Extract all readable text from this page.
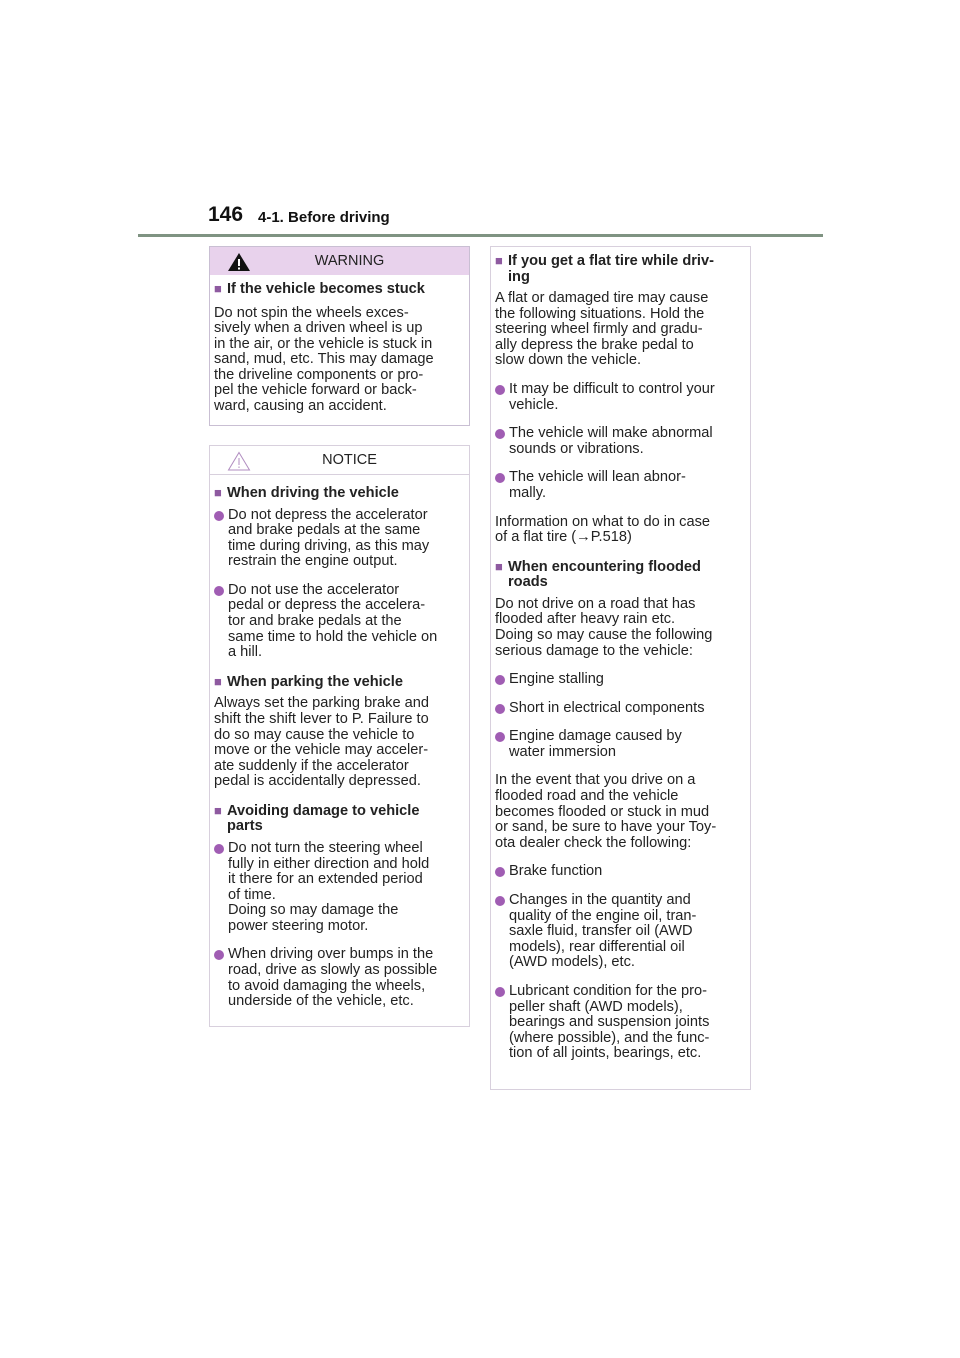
146 4-1. Before driving
WARNING
■ If the vehicle becomes stuck
Do not spin the wheels exces-
sively when a driven wheel is up
in the air, or the vehicle is stuck in
sand, mud, etc. This may damage
the driveline components or pro-
pel the vehicle forward or back-
ward, causing an accident.
NOTICE
■ When driving the vehicle
Do not depress the accelerator
and brake pedals at the same
time during driving, as this may
restrain the engine output.
Do not use the accelerator
pedal or depress the accelera-
tor and brake pedals at the
same time to hold the vehicle on
a hill.
■ When parking the vehicle
Always set the parking brake and
shift the shift lever to P. Failure to
do so may cause the vehicle to
move or the vehicle may acceler-
ate suddenly if the accelerator
pedal is accidentally depressed.
■ Avoiding damage to vehicle
parts
Do not turn the steering wheel
fully in either direction and hold
it there for an extended period
of time.
Doing so may damage the
power steering motor.
When driving over bumps in the
road, drive as slowly as possible
to avoid damaging the wheels,
underside of the vehicle, etc.
■ If you get a flat tire while driv-
ing
A flat or damaged tire may cause
the following situations. Hold the
steering wheel firmly and gradu-
ally depress the brake pedal to
slow down the vehicle.
It may be difficult to control your
vehicle.
The vehicle will make abnormal
sounds or vibrations.
The vehicle will lean abnor-
mally.
Information on what to do in case
of a flat tire (→P.518)
■ When encountering flooded
roads
Do not drive on a road that has
flooded after heavy rain etc.
Doing so may cause the following
serious damage to the vehicle:
Engine stalling
Short in electrical components
Engine damage caused by
water immersion
In the event that you drive on a
flooded road and the vehicle
becomes flooded or stuck in mud
or sand, be sure to have your Toy-
ota dealer check the following:
Brake function
Changes in the quantity and
quality of the engine oil, tran-
saxle fluid, transfer oil (AWD
models), rear differential oil
(AWD models), etc.
Lubricant condition for the pro-
peller shaft (AWD models),
bearings and suspension joints
(where possible), and the func-
tion of all joints, bearings, etc.
